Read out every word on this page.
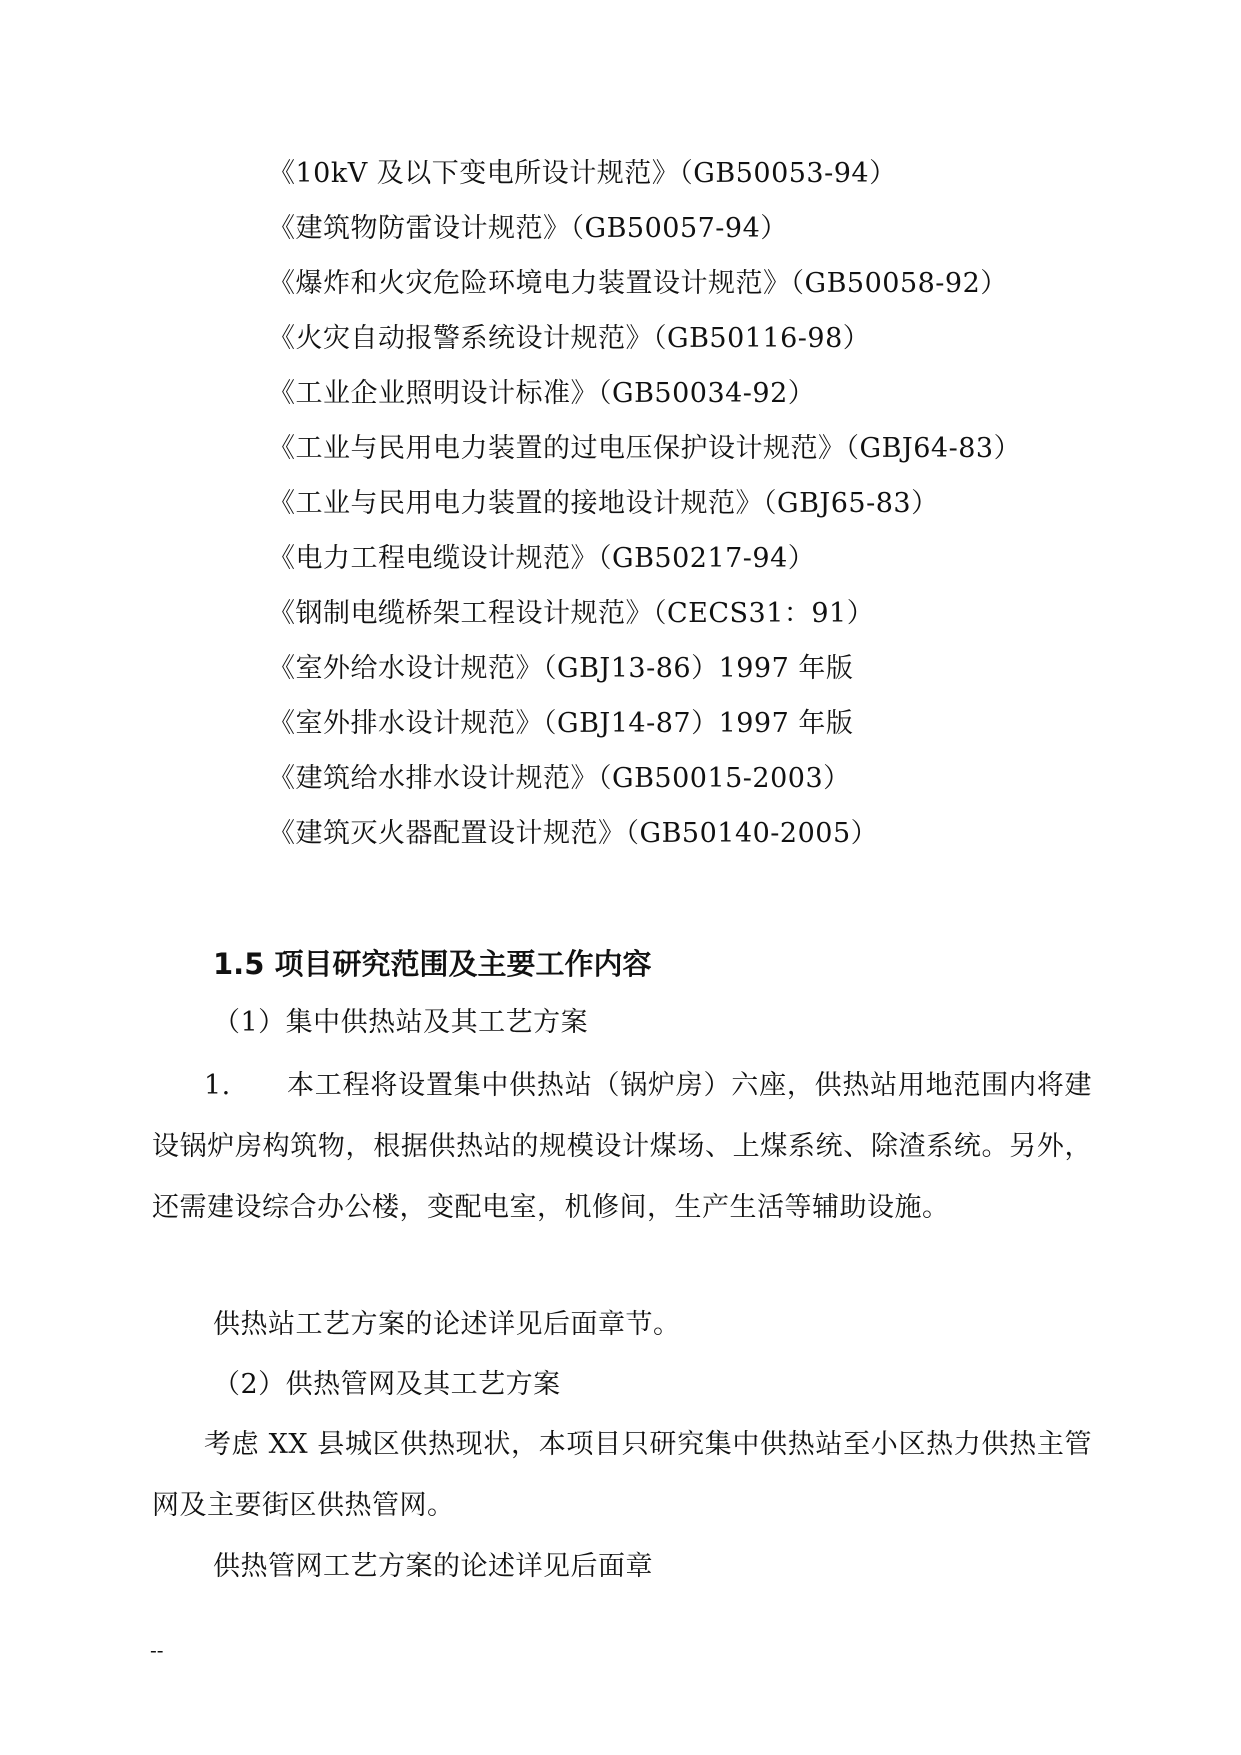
《10kV 及以下变电所设计规范》（GB50053-94）
《建筑物防雷设计规范》（GB50057-94）
《爆炸和火灾危险环境电力装置设计规范》（GB50058-92）
《火灾自动报警系统设计规范》（GB50116-98）
《工业企业照明设计标准》（GB50034-92）
《工业与民用电力装置的过电压保护设计规范》（GBJ64-83）
《工业与民用电力装置的接地设计规范》（GBJ65-83）
《电力工程电缆设计规范》（GB50217-94）
《钢制电缆桥架工程设计规范》（CECS31：91）
《室外给水设计规范》（GBJ13-86）1997 年版
《室外排水设计规范》（GBJ14-87）1997 年版
《建筑给水排水设计规范》（GB50015-2003）
《建筑灭火器配置设计规范》（GB50140-2005）
1.5 项目研究范围及主要工作内容
（1）集中供热站及其工艺方案
1. 本工程将设置集中供热站（锅炉房）六座，供热站用地范围内将建设锅炉房构筑物，根据供热站的规模设计煤场、上煤系统、除渣系统。另外，还需建设综合办公楼，变配电室，机修间，生产生活等辅助设施。
供热站工艺方案的论述详见后面章节。
（2）供热管网及其工艺方案
考虑 XX 县城区供热现状，本项目只研究集中供热站至小区热力供热主管网及主要街区供热管网。
供热管网工艺方案的论述详见后面章
--
